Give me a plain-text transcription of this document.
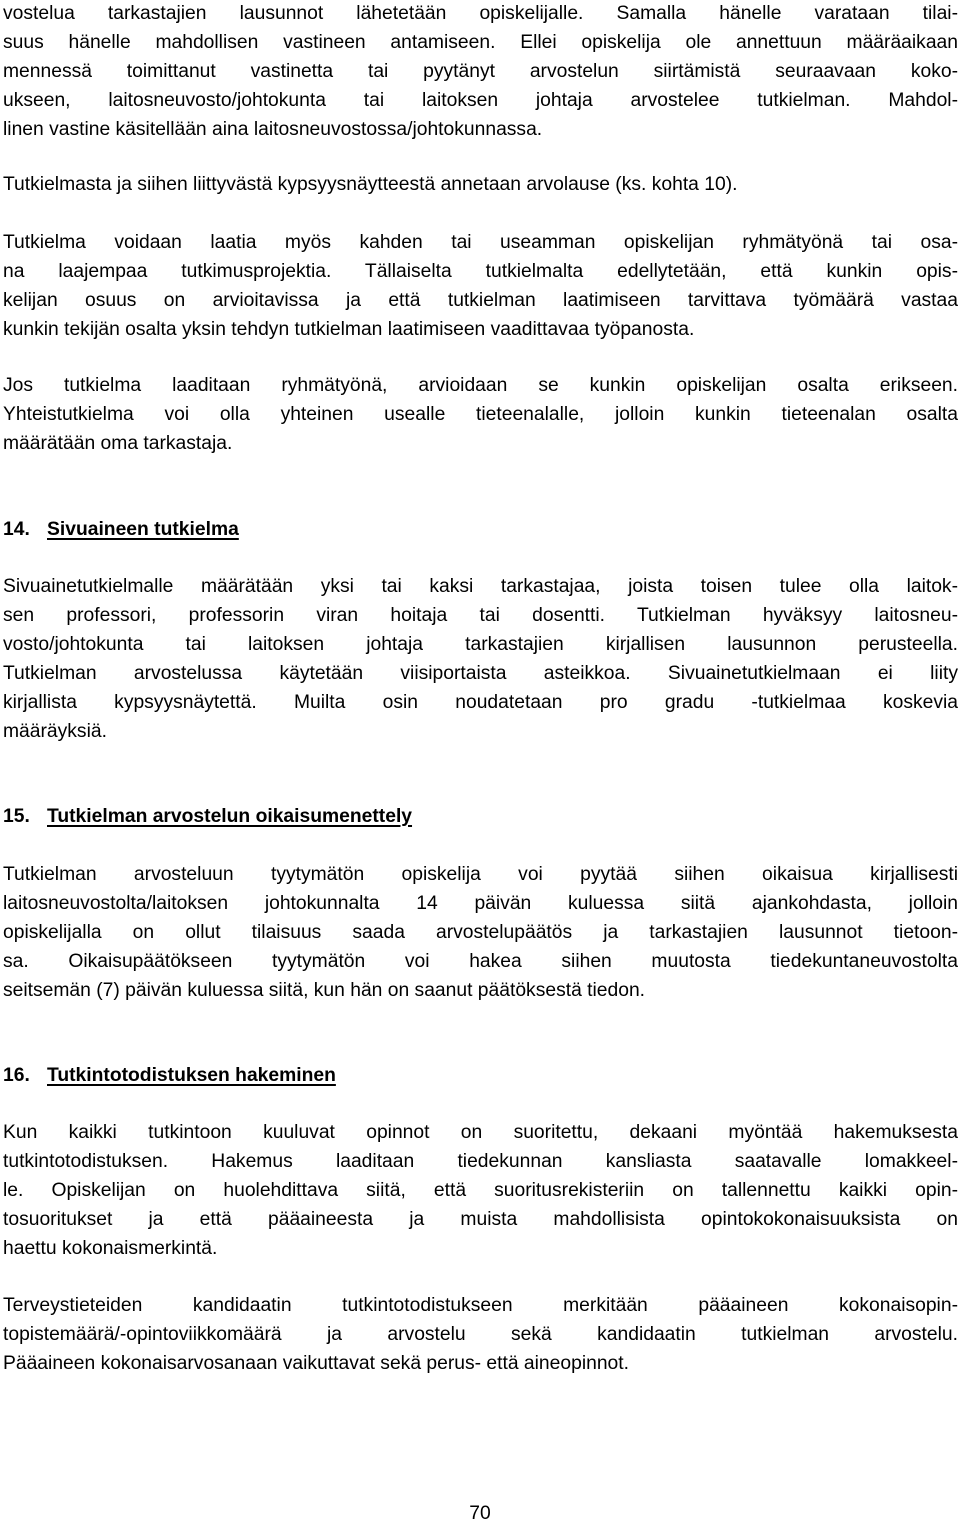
vostelua tarkastajien lausunnot lähetetään opiskelijalle. Samalla hänelle varataan tilai-
suus hänelle mahdollisen vastineen antamiseen. Ellei opiskelija ole annettuun määräaikaan
mennessä toimittanut vastinetta tai pyytänyt arvostelun siirtämistä seuraavaan koko-
ukseen, laitosneuvosto/johtokunta tai laitoksen johtaja arvostelee tutkielman. Mahdol-
linen vastine käsitellään aina laitosneuvostossa/johtokunnassa.

Tutkielmasta ja siihen liittyvästä kypsyysnäytteestä annetaan arvolause (ks. kohta 10).

Tutkielma voidaan laatia myös kahden tai useamman opiskelijan ryhmätyönä tai osa-
na laajempaa tutkimusprojektia. Tällaiselta tutkielmalta edellytetään, että kunkin opis-
kelijan osuus on arvioitavissa ja että tutkielman laatimiseen tarvittava työmäärä vastaa
kunkin tekijän osalta yksin tehdyn tutkielman laatimiseen vaadittavaa työpanosta.

Jos tutkielma laaditaan ryhmätyönä, arvioidaan se kunkin opiskelijan osalta erikseen.
Yhteistutkielma voi olla yhteinen usealle tieteenalalle, jolloin kunkin tieteenalan osalta
määrätään oma tarkastaja.

14. Sivuaineen tutkielma

Sivuainetutkielmalle määrätään yksi tai kaksi tarkastajaa, joista toisen tulee olla laitok-
sen professori, professorin viran hoitaja tai dosentti. Tutkielman hyväksyy laitosneu-
vosto/johtokunta tai laitoksen johtaja tarkastajien kirjallisen lausunnon perusteella.
Tutkielman arvostelussa käytetään viisiportaista asteikkoa. Sivuainetutkielmaan ei liity
kirjallista kypsyysnäytettä. Muilta osin noudatetaan pro gradu -tutkielmaa koskevia
määräyksiä.

15. Tutkielman arvostelun oikaisumenettely

Tutkielman arvosteluun tyytymätön opiskelija voi pyytää siihen oikaisua kirjallisesti
laitosneuvostolta/laitoksen johtokunnalta 14 päivän kuluessa siitä ajankohdasta, jolloin
opiskelijalla on ollut tilaisuus saada arvostelupäätös ja tarkastajien lausunnot tietoon-
sa. Oikaisupäätökseen tyytymätön voi hakea siihen muutosta tiedekuntaneuvostolta
seitsemän (7) päivän kuluessa siitä, kun hän on saanut päätöksestä tiedon.

16. Tutkintotodistuksen hakeminen

Kun kaikki tutkintoon kuuluvat opinnot on suoritettu, dekaani myöntää hakemuksesta
tutkintotodistuksen. Hakemus laaditaan tiedekunnan kansliasta saatavalle lomakkeel-
le. Opiskelijan on huolehdittava siitä, että suoritusrekisteriin on tallennettu kaikki opin-
tosuoritukset ja että pääaineesta ja muista mahdollisista opintokokonaisuuksista on
haettu kokonaismerkintä.

Terveystieteiden kandidaatin tutkintotodistukseen merkitään pääaineen kokonaisopin-
topistemäärä/-opintoviikkomäärä ja arvostelu sekä kandidaatin tutkielman arvostelu.
Pääaineen kokonaisarvosanaan vaikuttavat sekä perus- että aineopinnot.

70
